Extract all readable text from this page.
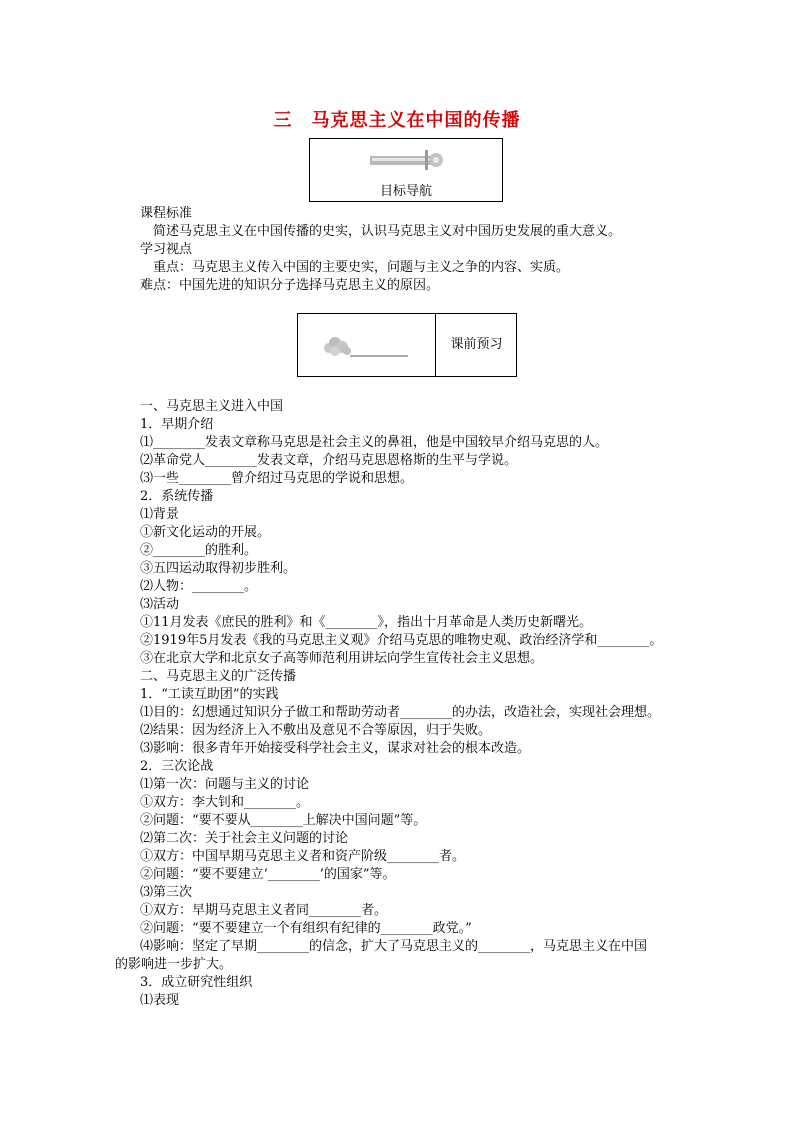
三　马克思主义在中国的传播
目标导航
课前预习
课程标准
　简述马克思主义在中国传播的史实，认识马克思主义对中国历史发展的重大意义。
学习视点
　重点：马克思主义传入中国的主要史实，问题与主义之争的内容、实质。
难点：中国先进的知识分子选择马克思主义的原因。
一、马克思主义进入中国
1．早期介绍
⑴________发表文章称马克思是社会主义的鼻祖，他是中国较早介绍马克思的人。
⑵革命党人________发表文章，介绍马克思恩格斯的生平与学说。
⑶一些________曾介绍过马克思的学说和思想。
2．系统传播
⑴背景
①新文化运动的开展。
②________的胜利。
③五四运动取得初步胜利。
⑵人物：________。
⑶活动
①11月发表《庶民的胜利》和《________》，指出十月革命是人类历史新曙光。
②1919年5月发表《我的马克思主义观》介绍马克思的唯物史观、政治经济学和________。
③在北京大学和北京女子高等师范利用讲坛向学生宣传社会主义思想。
二、马克思主义的广泛传播
1．“工读互助团”的实践
⑴目的：幻想通过知识分子做工和帮助劳动者________的办法，改造社会，实现社会理想。
⑵结果：因为经济上入不敷出及意见不合等原因，归于失败。
⑶影响：很多青年开始接受科学社会主义，谋求对社会的根本改造。
2．三次论战
⑴第一次：问题与主义的讨论
①双方：李大钊和________。
②问题：“要不要从________上解决中国问题”等。
⑵第二次：关于社会主义问题的讨论
①双方：中国早期马克思主义者和资产阶级________者。
②问题：“要不要建立‘________’的国家”等。
⑶第三次
①双方：早期马克思主义者同________者。
②问题：“要不要建立一个有组织有纪律的________政党。”
⑷影响：坚定了早期________的信念，扩大了马克思主义的________，马克思主义在中国
的影响进一步扩大。
3．成立研究性组织
⑴表现
